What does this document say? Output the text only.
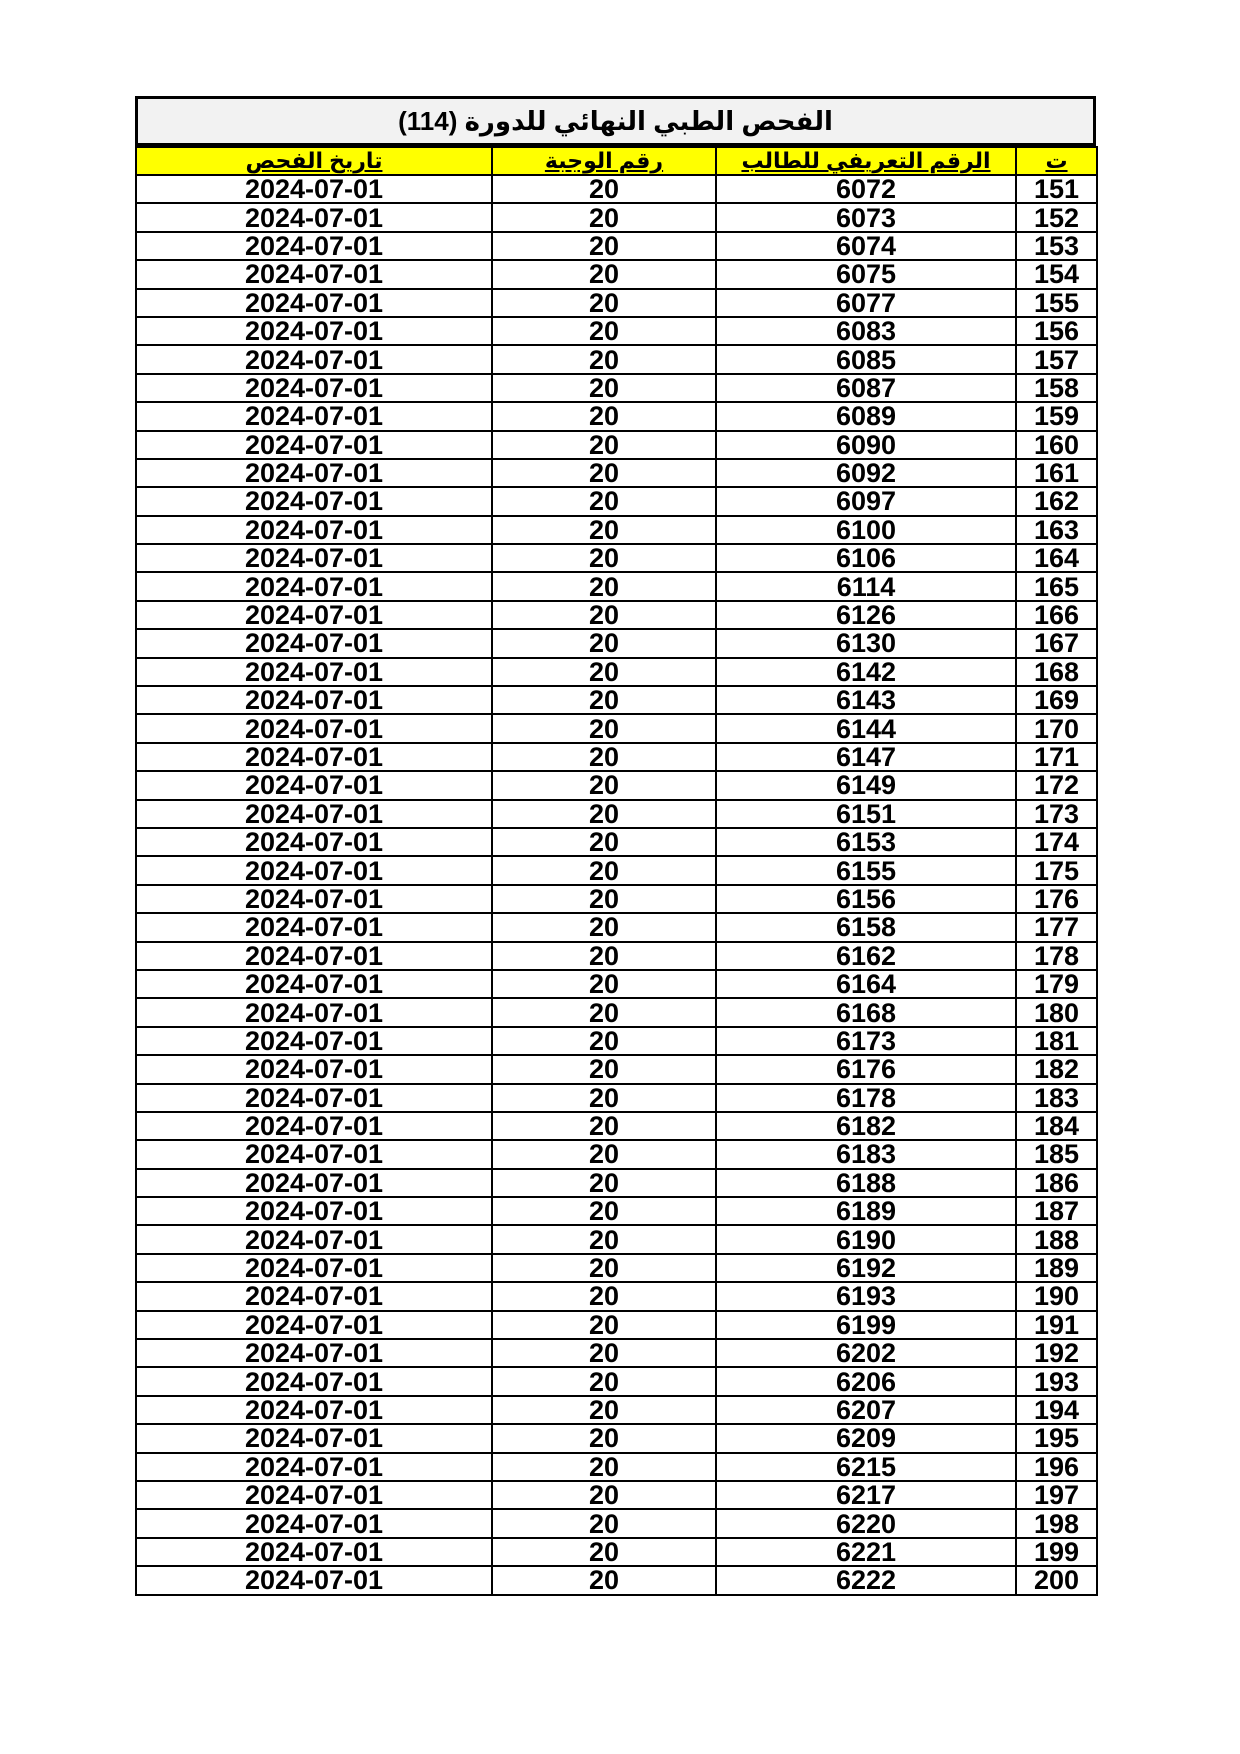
الفحص الطبي النهائي للدورة (114)
ت	الرقم التعريفي للطالب	رقم الوجبة	تاريخ الفحص
151	6072	20	2024-07-01
152	6073	20	2024-07-01
153	6074	20	2024-07-01
154	6075	20	2024-07-01
155	6077	20	2024-07-01
156	6083	20	2024-07-01
157	6085	20	2024-07-01
158	6087	20	2024-07-01
159	6089	20	2024-07-01
160	6090	20	2024-07-01
161	6092	20	2024-07-01
162	6097	20	2024-07-01
163	6100	20	2024-07-01
164	6106	20	2024-07-01
165	6114	20	2024-07-01
166	6126	20	2024-07-01
167	6130	20	2024-07-01
168	6142	20	2024-07-01
169	6143	20	2024-07-01
170	6144	20	2024-07-01
171	6147	20	2024-07-01
172	6149	20	2024-07-01
173	6151	20	2024-07-01
174	6153	20	2024-07-01
175	6155	20	2024-07-01
176	6156	20	2024-07-01
177	6158	20	2024-07-01
178	6162	20	2024-07-01
179	6164	20	2024-07-01
180	6168	20	2024-07-01
181	6173	20	2024-07-01
182	6176	20	2024-07-01
183	6178	20	2024-07-01
184	6182	20	2024-07-01
185	6183	20	2024-07-01
186	6188	20	2024-07-01
187	6189	20	2024-07-01
188	6190	20	2024-07-01
189	6192	20	2024-07-01
190	6193	20	2024-07-01
191	6199	20	2024-07-01
192	6202	20	2024-07-01
193	6206	20	2024-07-01
194	6207	20	2024-07-01
195	6209	20	2024-07-01
196	6215	20	2024-07-01
197	6217	20	2024-07-01
198	6220	20	2024-07-01
199	6221	20	2024-07-01
200	6222	20	2024-07-01
